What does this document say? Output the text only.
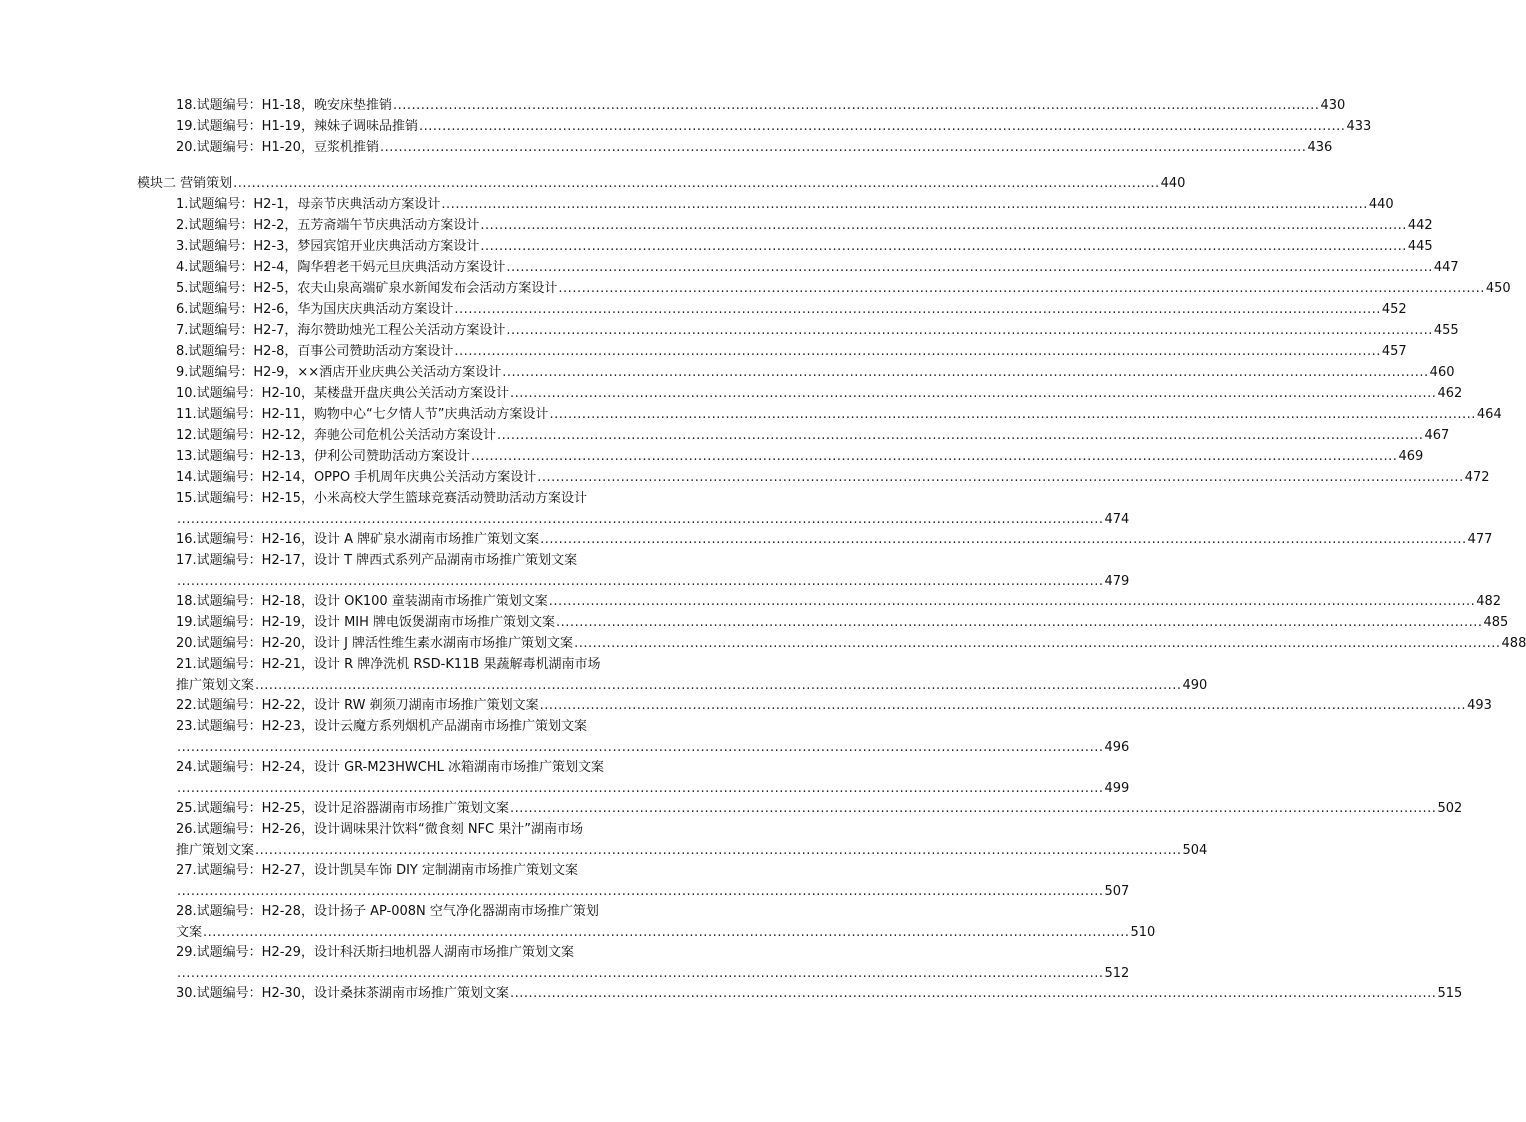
18.试题编号：H1-18，晚安床垫推销 ........................................................................................................................................................................................................ 430
19.试题编号：H1-19，辣妹子调味品推销 ........................................................................................................................................................................................................ 433
20.试题编号：H1-20，豆浆机推销 ........................................................................................................................................................................................................ 436
模块二 营销策划 ........................................................................................................................................................................................................ 440
1.试题编号：H2-1，母亲节庆典活动方案设计 ........................................................................................................................................................................................................ 440
2.试题编号：H2-2，五芳斋端午节庆典活动方案设计 ........................................................................................................................................................................................................ 442
3.试题编号：H2-3，梦园宾馆开业庆典活动方案设计 ........................................................................................................................................................................................................ 445
4.试题编号：H2-4，陶华碧老干妈元旦庆典活动方案设计 ........................................................................................................................................................................................................ 447
5.试题编号：H2-5，农夫山泉高端矿泉水新闻发布会活动方案设计 ........................................................................................................................................................................................................ 450
6.试题编号：H2-6，华为国庆庆典活动方案设计 ........................................................................................................................................................................................................ 452
7.试题编号：H2-7，海尔赞助烛光工程公关活动方案设计 ........................................................................................................................................................................................................ 455
8.试题编号：H2-8，百事公司赞助活动方案设计 ........................................................................................................................................................................................................ 457
9.试题编号：H2-9，××酒店开业庆典公关活动方案设计 ........................................................................................................................................................................................................ 460
10.试题编号：H2-10，某楼盘开盘庆典公关活动方案设计 ........................................................................................................................................................................................................ 462
11.试题编号：H2-11，购物中心“七夕情人节”庆典活动方案设计 ........................................................................................................................................................................................................ 464
12.试题编号：H2-12，奔驰公司危机公关活动方案设计 ........................................................................................................................................................................................................ 467
13.试题编号：H2-13，伊利公司赞助活动方案设计 ........................................................................................................................................................................................................ 469
14.试题编号：H2-14，OPPO 手机周年庆典公关活动方案设计 ........................................................................................................................................................................................................ 472
15.试题编号：H2-15，小米高校大学生篮球竞赛活动赞助活动方案设计
........................................................................................................................................................................................................ 474
16.试题编号：H2-16，设计 A 牌矿泉水湖南市场推广策划文案 ........................................................................................................................................................................................................ 477
17.试题编号：H2-17，设计 T 牌西式系列产品湖南市场推广策划文案
........................................................................................................................................................................................................ 479
18.试题编号：H2-18，设计 OK100 童装湖南市场推广策划文案 ........................................................................................................................................................................................................ 482
19.试题编号：H2-19，设计 MIH 牌电饭煲湖南市场推广策划文案 ........................................................................................................................................................................................................ 485
20.试题编号：H2-20，设计 J 牌活性维生素水湖南市场推广策划文案 ........................................................................................................................................................................................................ 488
21.试题编号：H2-21，设计 R 牌净洗机 RSD-K11B 果蔬解毒机湖南市场
推广策划文案 ........................................................................................................................................................................................................ 490
22.试题编号：H2-22，设计 RW 剃须刀湖南市场推广策划文案 ........................................................................................................................................................................................................ 493
23.试题编号：H2-23，设计云魔方系列烟机产品湖南市场推广策划文案
........................................................................................................................................................................................................ 496
24.试题编号：H2-24，设计 GR-M23HWCHL 冰箱湖南市场推广策划文案
........................................................................................................................................................................................................ 499
25.试题编号：H2-25，设计足浴器湖南市场推广策划文案 ........................................................................................................................................................................................................ 502
26.试题编号：H2-26，设计调味果汁饮料“微食刻 NFC 果汁”湖南市场
推广策划文案 ........................................................................................................................................................................................................ 504
27.试题编号：H2-27，设计凯昊车饰 DIY 定制湖南市场推广策划文案
........................................................................................................................................................................................................ 507
28.试题编号：H2-28，设计扬子 AP-008N 空气净化器湖南市场推广策划
文案 ........................................................................................................................................................................................................ 510
29.试题编号：H2-29，设计科沃斯扫地机器人湖南市场推广策划文案
........................................................................................................................................................................................................ 512
30.试题编号：H2-30，设计桑抹茶湖南市场推广策划文案 ........................................................................................................................................................................................................ 515
